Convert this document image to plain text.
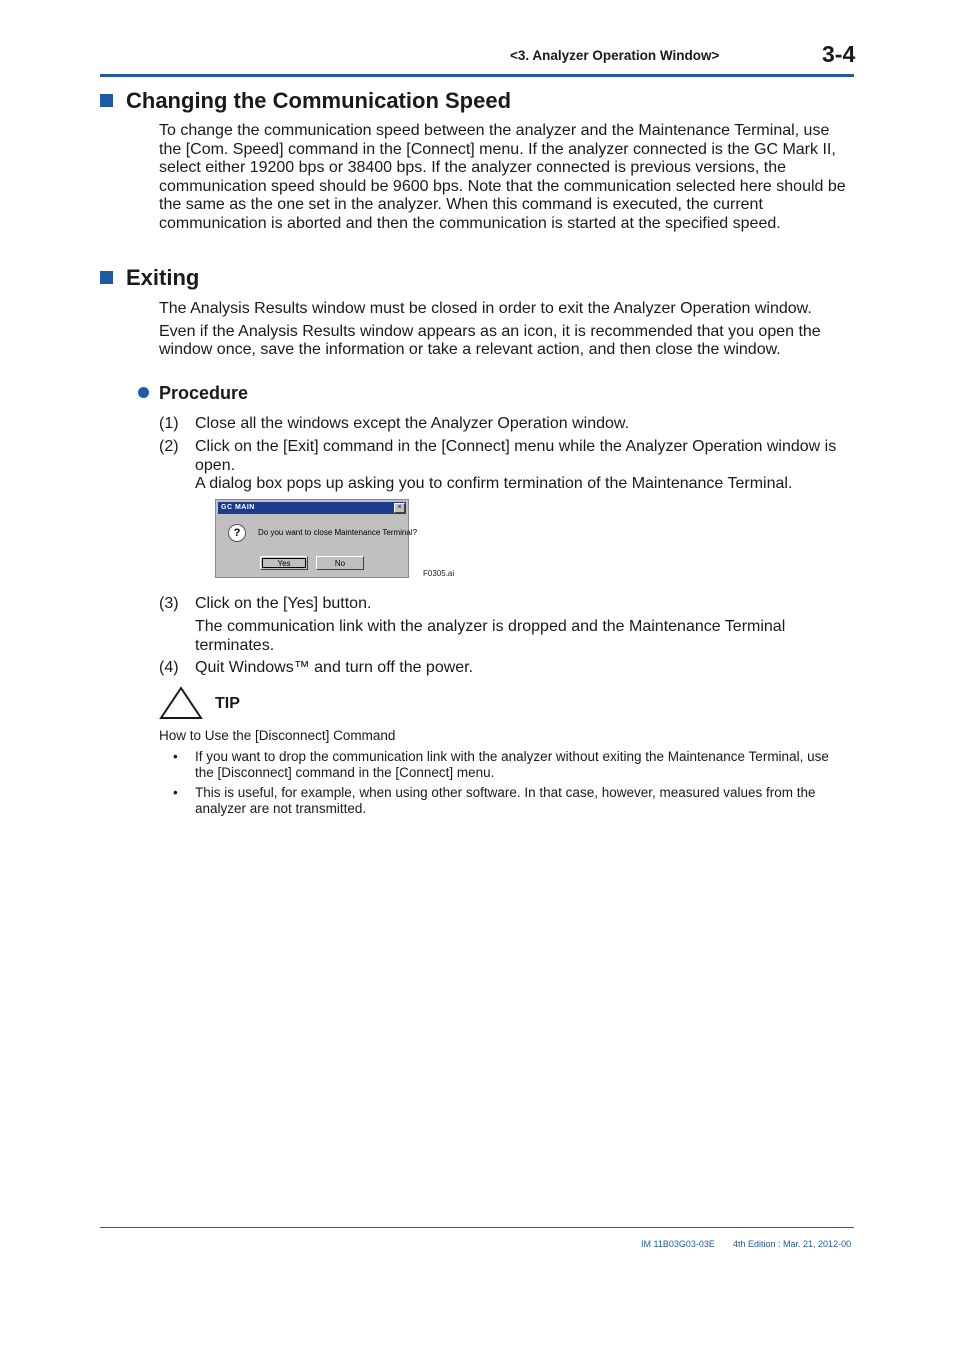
<3. Analyzer Operation Window>	3-4
Changing the Communication Speed

To change the communication speed between the analyzer and the Maintenance Terminal, use the [Com. Speed] command in the [Connect] menu. If the analyzer connected is the GC Mark II, select either 19200 bps or 38400 bps. If the analyzer connected is previous versions, the communication speed should be 9600 bps. Note that the communication selected here should be the same as the one set in the analyzer. When this command is executed, the current communication is aborted and then the communication is started at the specified speed.

Exiting

The Analysis Results window must be closed in order to exit the Analyzer Operation window.

Even if the Analysis Results window appears as an icon, it is recommended that you open the window once, save the information or take a relevant action, and then close the window.

Procedure
(1) Close all the windows except the Analyzer Operation window.
(2) Click on the [Exit] command in the [Connect] menu while the Analyzer Operation window is open.
A dialog box pops up asking you to confirm termination of the Maintenance Terminal.
GC MAIN	×
?	Do you want to close Maintenance Terminal?
Yes	No
F0305.ai
(3) Click on the [Yes] button.
The communication link with the analyzer is dropped and the Maintenance Terminal terminates.
(4) Quit Windows™ and turn off the power.
TIP
How to Use the [Disconnect] Command
• If you want to drop the communication link with the analyzer without exiting the Maintenance Terminal, use the [Disconnect] command in the [Connect] menu.
• This is useful, for example, when using other software. In that case, however, measured values from the analyzer are not transmitted.
IM 11B03G03-03E 4th Edition : Mar. 21, 2012-00
